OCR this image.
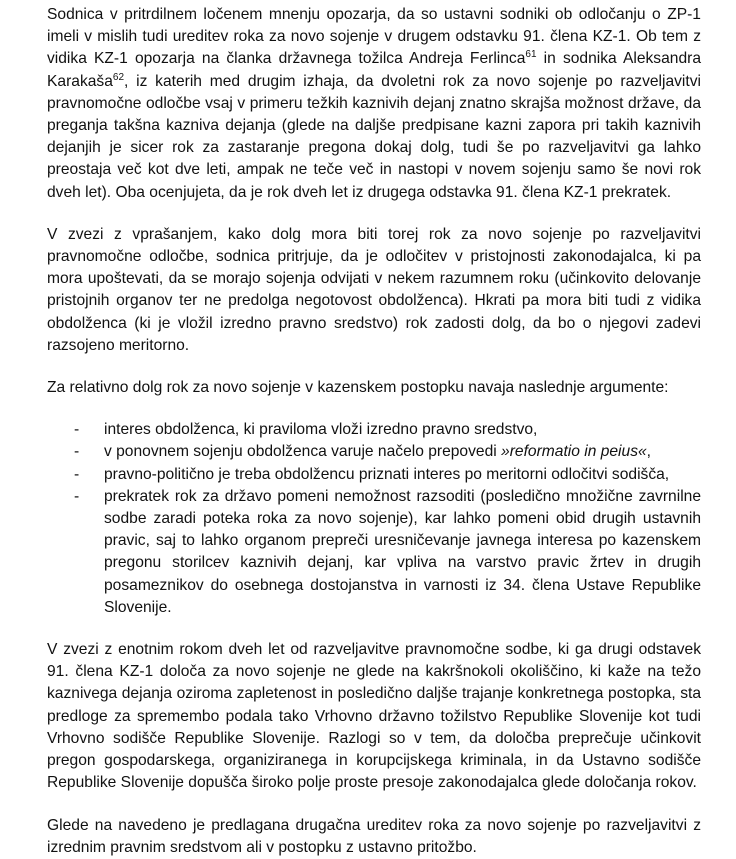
Sodnica v pritrdilnem ločenem mnenju opozarja, da so ustavni sodniki ob odločanju o ZP-1 imeli v mislih tudi ureditev roka za novo sojenje v drugem odstavku 91. člena KZ-1. Ob tem z vidika KZ-1 opozarja na članka državnega tožilca Andreja Ferlinca$^{61}$ in sodnika Aleksandra Karakaša$^{62}$, iz katerih med drugim izhaja, da dvoletni rok za novo sojenje po razveljavitvi pravnomočne odločbe vsaj v primeru težkih kaznivih dejanj znatno skrajša možnost države, da preganja takšna kazniva dejanja (glede na daljše predpisane kazni zapora pri takih kaznivih dejanjih je sicer rok za zastaranje pregona dokaj dolg, tudi še po razveljavitvi ga lahko preostaja več kot dve leti, ampak ne teče več in nastopi v novem sojenju samo še novi rok dveh let). Oba ocenjujeta, da je rok dveh let iz drugega odstavka 91. člena KZ-1 prekratek.

V zvezi z vprašanjem, kako dolg mora biti torej rok za novo sojenje po razveljavitvi pravnomočne odločbe, sodnica pritrjuje, da je odločitev v pristojnosti zakonodajalca, ki pa mora upoštevati, da se morajo sojenja odvijati v nekem razumnem roku (učinkovito delovanje pristojnih organov ter ne predolga negotovost obdolženca). Hkrati pa mora biti tudi z vidika obdolženca (ki je vložil izredno pravno sredstvo) rok zadosti dolg, da bo o njegovi zadevi razsojeno meritorno.

Za relativno dolg rok za novo sojenje v kazenskem postopku navaja naslednje argumente:

- interes obdolženca, ki praviloma vloži izredno pravno sredstvo,
- v ponovnem sojenju obdolženca varuje načelo prepovedi »reformatio in peius«,
- pravno-politično je treba obdolžencu priznati interes po meritorni odločitvi sodišča,
- prekratek rok za državo pomeni nemožnost razsoditi (posledično množične zavrnilne sodbe zaradi poteka roka za novo sojenje), kar lahko pomeni obid drugih ustavnih pravic, saj to lahko organom prepreči uresničevanje javnega interesa po kazenskem pregonu storilcev kaznivih dejanj, kar vpliva na varstvo pravic žrtev in drugih posameznikov do osebnega dostojanstva in varnosti iz 34. člena Ustave Republike Slovenije.

V zvezi z enotnim rokom dveh let od razveljavitve pravnomočne sodbe, ki ga drugi odstavek 91. člena KZ-1 določa za novo sojenje ne glede na kakršnokoli okoliščino, ki kaže na težo kaznivega dejanja oziroma zapletenost in posledično daljše trajanje konkretnega postopka, sta predloge za spremembo podala tako Vrhovno državno tožilstvo Republike Slovenije kot tudi Vrhovno sodišče Republike Slovenije. Razlogi so v tem, da določba preprečuje učinkovit pregon gospodarskega, organiziranega in korupcijskega kriminala, in da Ustavno sodišče Republike Slovenije dopušča široko polje proste presoje zakonodajalca glede določanja rokov.

Glede na navedeno je predlagana drugačna ureditev roka za novo sojenje po razveljavitvi z izrednim pravnim sredstvom ali v postopku z ustavno pritožbo.
